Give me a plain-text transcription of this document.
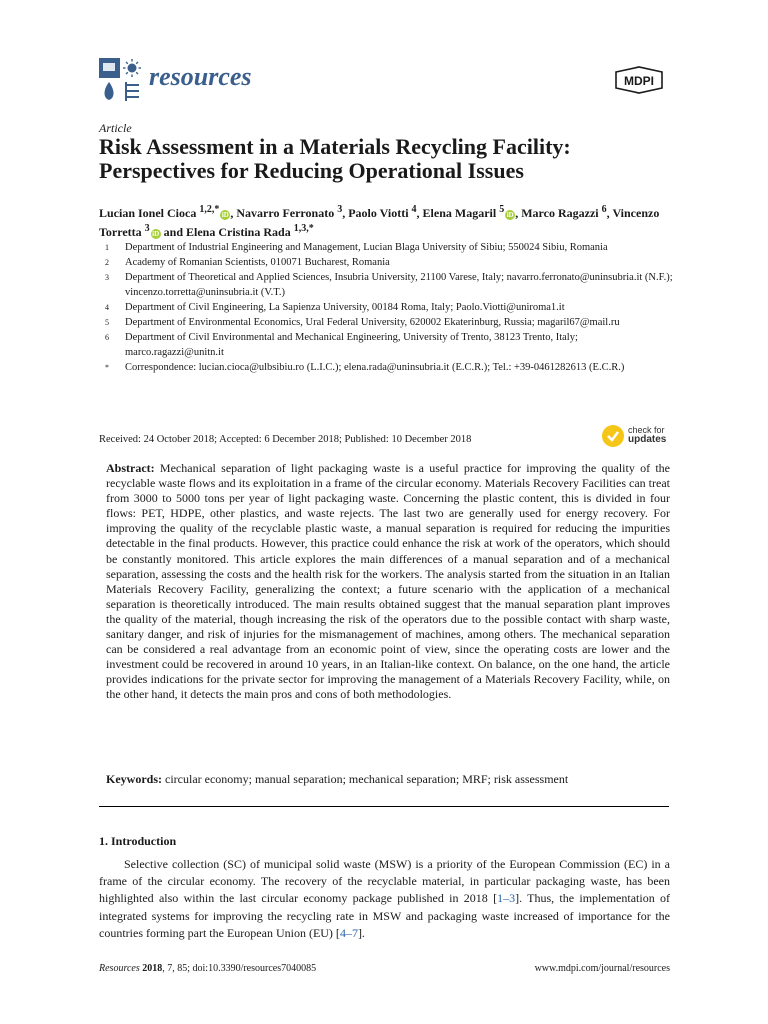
resources	MDPI
Article
Risk Assessment in a Materials Recycling Facility: Perspectives for Reducing Operational Issues
Lucian Ionel Cioca $^{1,2,*}$ iD , Navarro Ferronato $^3$, Paolo Viotti $^4$, Elena Magaril $^5$ iD , Marco Ragazzi $^6$, Vincenzo Torretta $^3$ iD and Elena Cristina Rada $^{1,3,*}$
1	Department of Industrial Engineering and Management, Lucian Blaga University of Sibiu; 550024 Sibiu, Romania
2	Academy of Romanian Scientists, 010071 Bucharest, Romania
3	Department of Theoretical and Applied Sciences, Insubria University, 21100 Varese, Italy; navarro.ferronato@uninsubria.it (N.F.); vincenzo.torretta@uninsubria.it (V.T.)
4	Department of Civil Engineering, La Sapienza University, 00184 Roma, Italy; Paolo.Viotti@uniroma1.it
5	Department of Environmental Economics, Ural Federal University, 620002 Ekaterinburg, Russia; magaril67@mail.ru
6	Department of Civil Environmental and Mechanical Engineering, University of Trento, 38123 Trento, Italy; marco.ragazzi@unitn.it
*	Correspondence: lucian.cioca@ulbsibiu.ro (L.I.C.); elena.rada@uninsubria.it (E.C.R.); Tel.: +39-0461282613 (E.C.R.)
Received: 24 October 2018; Accepted: 6 December 2018; Published: 10 December 2018
check for
updates
Abstract: Mechanical separation of light packaging waste is a useful practice for improving the quality of the recyclable waste flows and its exploitation in a frame of the circular economy. Materials Recovery Facilities can treat from 3000 to 5000 tons per year of light packaging waste. Concerning the plastic content, this is divided in four flows: PET, HDPE, other plastics, and waste rejects. The last two are generally used for energy recovery. For improving the quality of the recyclable plastic waste, a manual separation is required for reducing the impurities detectable in the final products. However, this practice could enhance the risk at work of the operators, which should be constantly monitored. This article explores the main differences of a manual separation and of a mechanical separation, assessing the costs and the health risk for the workers. The analysis started from the situation in an Italian Materials Recovery Facility, generalizing the context; a future scenario with the application of a mechanical separation is theoretically introduced. The main results obtained suggest that the manual separation plant improves the quality of the material, though increasing the risk of the operators due to the possible contact with sharp waste, sanitary danger, and risk of injuries for the mismanagement of machines, among others. The mechanical separation can be considered a real advantage from an economic point of view, since the operating costs are lower and the investment could be recovered in around 10 years, in an Italian-like context. On balance, on the one hand, the article provides indications for the private sector for improving the management of a Materials Recovery Facility, while, on the other hand, it detects the main pros and cons of both methodologies.
Keywords: circular economy; manual separation; mechanical separation; MRF; risk assessment
1. Introduction
Selective collection (SC) of municipal solid waste (MSW) is a priority of the European Commission (EC) in a frame of the circular economy. The recovery of the recyclable material, in particular packaging waste, has been highlighted also within the last circular economy package published in 2018 [1–3]. Thus, the implementation of integrated systems for improving the recycling rate in MSW and packaging waste increased of importance for the countries forming part the European Union (EU) [4–7].
Resources 2018, 7, 85; doi:10.3390/resources7040085	www.mdpi.com/journal/resources
